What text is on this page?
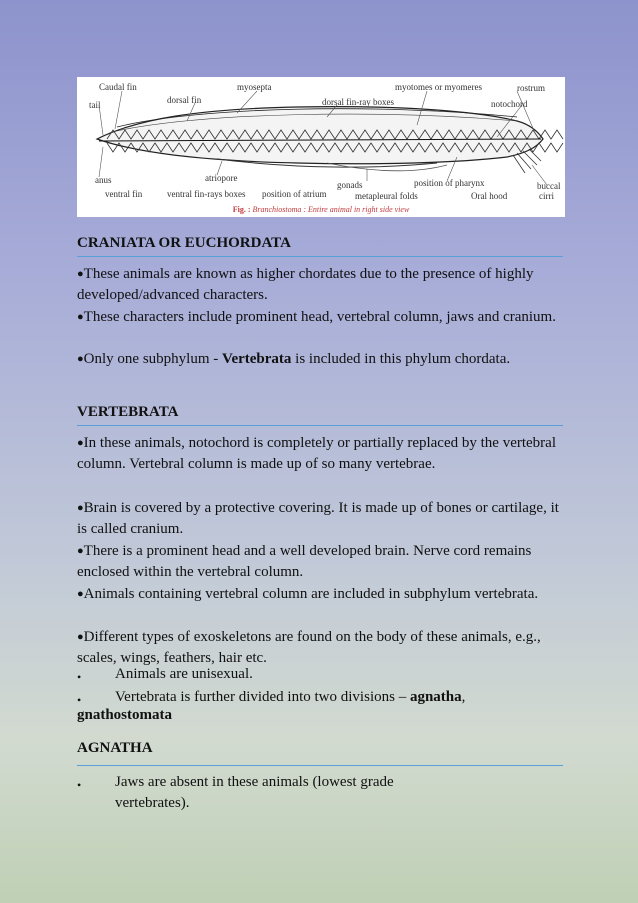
Caudal fin
tail	dorsal fin
myosepta	myotomes or myomeres	rostrum
dorsal fin-ray boxes	notochord
anus	atriopore
ventral fin	ventral fin-rays boxes position of atrium
gonads	position of pharynx
metapleural folds	Oral hood
buccal
cirri
Fig. : Branchiostoma : Entire animal in right side view
CRANIATA OR EUCHORDATA

●These animals are known as higher chordates due to the presence of highly developed/advanced characters.

●These characters include prominent head, vertebral column, jaws and cranium.

●Only one subphylum - Vertebrata is included in this phylum chordata.

VERTEBRATA

●In these animals, notochord is completely or partially replaced by the vertebral column. Vertebral column is made up of so many vertebrae.

●Brain is covered by a protective covering. It is made up of bones or cartilage, it is called cranium.

●There is a prominent head and a well developed brain. Nerve cord remains enclosed within the vertebral column.

●Animals containing vertebral column are included in subphylum vertebrata.

●Different types of exoskeletons are found on the body of these animals, e.g., scales, wings, feathers, hair etc.

• Animals are unisexual.

• Vertebrata is further divided into two divisions – agnatha,

gnathostomata

AGNATHA
• Jaws are absent in these animals (lowest grade vertebrates).
